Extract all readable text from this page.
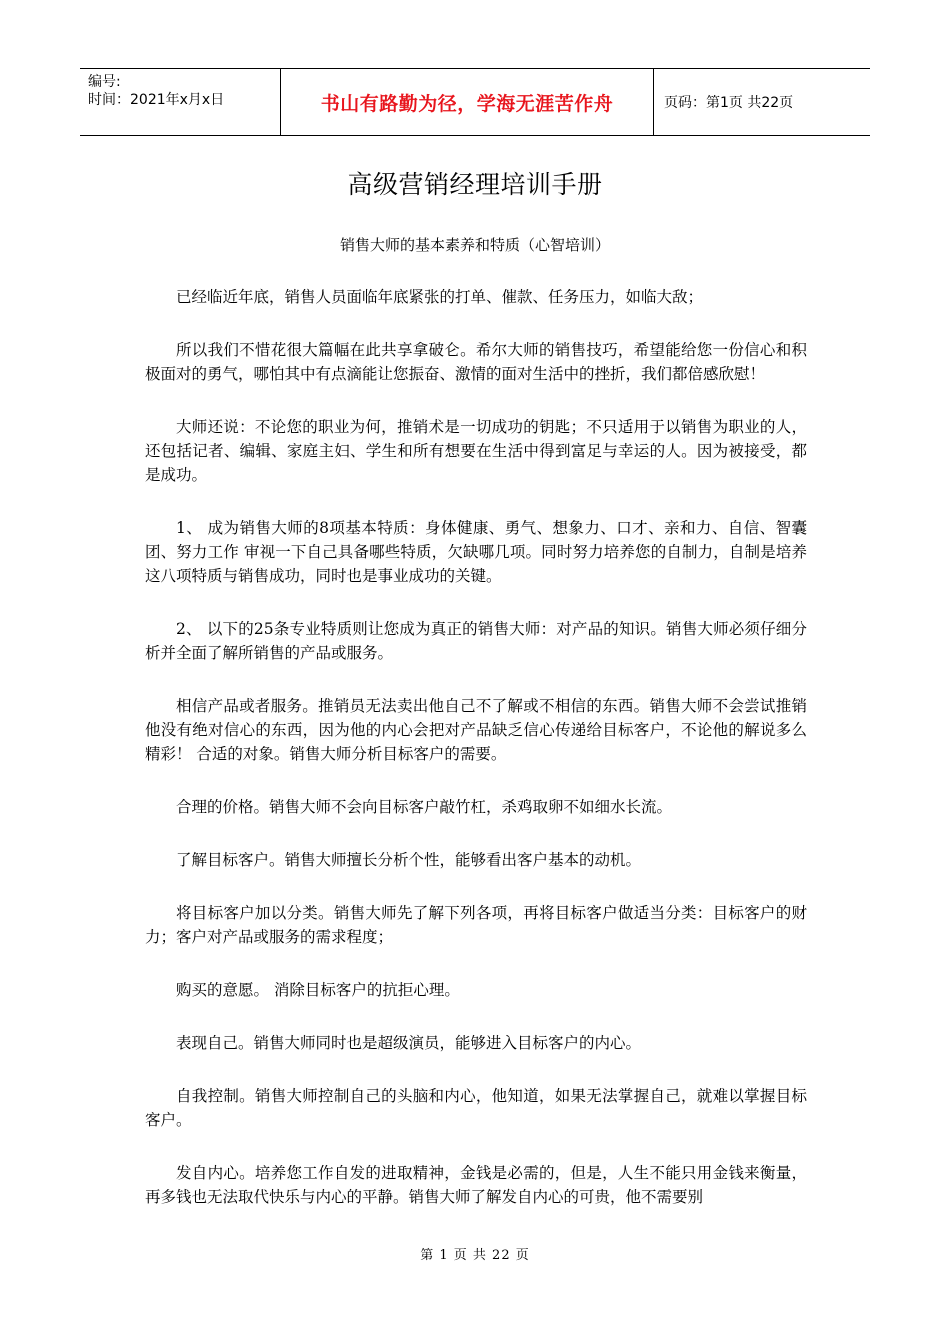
编号:
时间：2021年x月x日	书山有路勤为径，学海无涯苦作舟	页码：第1页 共22页
高级营销经理培训手册
销售大师的基本素养和特质（心智培训）

已经临近年底，销售人员面临年底紧张的打单、催款、任务压力，如临大敌；

所以我们不惜花很大篇幅在此共享拿破仑。希尔大师的销售技巧，希望能给您一份信心和积极面对的勇气，哪怕其中有点滴能让您振奋、激情的面对生活中的挫折，我们都倍感欣慰！

大师还说：不论您的职业为何，推销术是一切成功的钥匙；不只适用于以销售为职业的人，还包括记者、编辑、家庭主妇、学生和所有想要在生活中得到富足与幸运的人。因为被接受，都是成功。

1、 成为销售大师的8项基本特质：身体健康、勇气、想象力、口才、亲和力、自信、智囊团、努力工作 审视一下自己具备哪些特质，欠缺哪几项。同时努力培养您的自制力，自制是培养这八项特质与销售成功，同时也是事业成功的关键。

2、 以下的25条专业特质则让您成为真正的销售大师：对产品的知识。销售大师必须仔细分析并全面了解所销售的产品或服务。

相信产品或者服务。推销员无法卖出他自己不了解或不相信的东西。销售大师不会尝试推销他没有绝对信心的东西，因为他的内心会把对产品缺乏信心传递给目标客户，不论他的解说多么精彩！ 合适的对象。销售大师分析目标客户的需要。

合理的价格。销售大师不会向目标客户敲竹杠，杀鸡取卵不如细水长流。

了解目标客户。销售大师擅长分析个性，能够看出客户基本的动机。

将目标客户加以分类。销售大师先了解下列各项，再将目标客户做适当分类：目标客户的财力；客户对产品或服务的需求程度；

购买的意愿。 消除目标客户的抗拒心理。

表现自己。销售大师同时也是超级演员，能够进入目标客户的内心。

自我控制。销售大师控制自己的头脑和内心，他知道，如果无法掌握自己，就难以掌握目标客户。

发自内心。培养您工作自发的进取精神，金钱是必需的，但是，人生不能只用金钱来衡量，再多钱也无法取代快乐与内心的平静。销售大师了解发自内心的可贵，他不需要别

第 1 页 共 22 页
